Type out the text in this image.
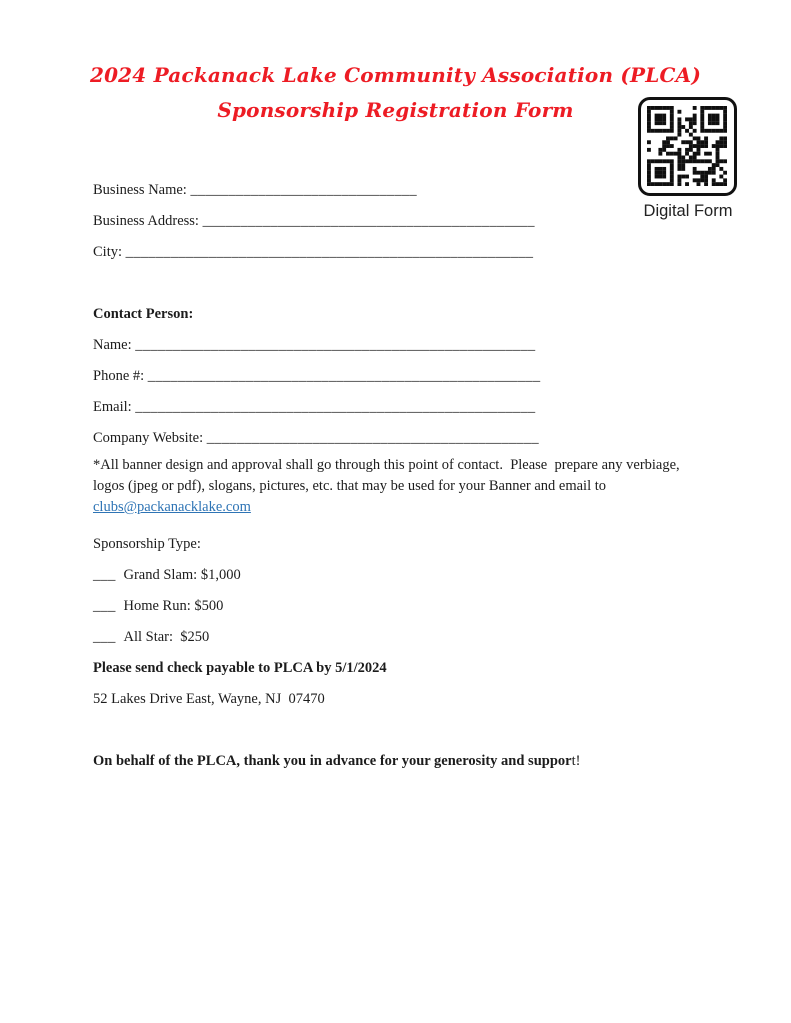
2024 Packanack Lake Community Association (PLCA)
Sponsorship Registration Form
Digital Form
Business Name: ______________________________
Business Address: ____________________________________________
City: ______________________________________________________
Contact Person:
Name: _____________________________________________________
Phone #: ____________________________________________________
Email: _____________________________________________________
Company Website: ____________________________________________
*All banner design and approval shall go through this point of contact.  Please  prepare any verbiage, logos (jpeg or pdf), slogans, pictures, etc. that may be used for your Banner and email to clubs@packanacklake.com
Sponsorship Type:
___  Grand Slam: $1,000
___  Home Run: $500
___  All Star:  $250
Please send check payable to PLCA by 5/1/2024
52 Lakes Drive East, Wayne, NJ  07470
On behalf of the PLCA, thank you in advance for your generosity and support!
